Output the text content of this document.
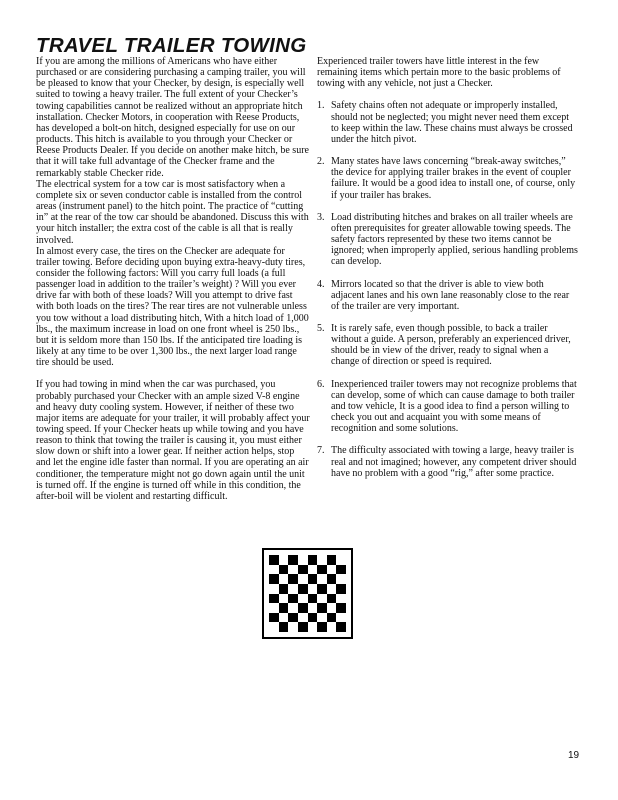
TRAVEL TRAILER TOWING

If you are among the millions of Americans who have either purchased or are considering purchasing a camping trailer, you will be pleased to know that your Checker, by design, is especially well suited to towing a heavy trailer. The full extent of your Checker’s towing capabilities cannot be realized without an appropriate hitch installation. Checker Motors, in cooperation with Reese Products, has developed a bolt-on hitch, designed especially for use on our products. This hitch is available to you through your Checker or Reese Products Dealer. If you decide on another make hitch, be sure that it will take full advantage of the Checker frame and the remarkably stable Checker ride.

The electrical system for a tow car is most satisfactory when a complete six or seven conductor cable is installed from the control areas (instrument panel) to the hitch point. The practice of “cutting in” at the rear of the tow car should be abandoned. Discuss this with your hitch installer; the extra cost of the cable is all that is really involved.

In almost every case, the tires on the Checker are adequate for trailer towing. Before deciding upon buying extra-heavy-duty tires, consider the following factors: Will you carry full loads (a full passenger load in addition to the trailer’s weight) ? Will you ever drive far with both of these loads? Will you attempt to drive fast with both loads on the tires? The rear tires are not vulnerable unless you tow without a load distributing hitch, With a hitch load of 1,000 lbs., the maximum increase in load on one front wheel is 250 lbs., but it is seldom more than 150 lbs. If the anticipated tire loading is likely at any time to be over 1,300 lbs., the next larger load range tire should be used.

If you had towing in mind when the car was purchased, you probably purchased your Checker with an ample sized V-8 engine and heavy duty cooling system. However, if neither of these two major items are adequate for your trailer, it will probably affect your towing speed. If your Checker heats up while towing and you have reason to think that towing the trailer is causing it, you must either slow down or shift into a lower gear. If neither action helps, stop and let the engine idle faster than normal. If you are operating an air conditioner, the temperature might not go down again until the unit is turned off. If the engine is turned off while in this condition, the after-boil will be violent and restarting difficult.

Experienced trailer towers have little interest in the few remaining items which pertain more to the basic problems of towing with any vehicle, not just a Checker.

1. Safety chains often not adequate or improperly installed, should not be neglected; you might never need them except to keep within the law. These chains must always be crossed under the hitch pivot.
2. Many states have laws concerning “break-away switches,” the device for applying trailer brakes in the event of coupler failure. It would be a good idea to install one, of course, only if your trailer has brakes.
3. Load distributing hitches and brakes on all trailer wheels are often prerequisites for greater allowable towing speeds. The safety factors represented by these two items cannot be ignored; when improperly applied, serious handling problems can develop.
4. Mirrors located so that the driver is able to view both adjacent lanes and his own lane reasonably close to the rear of the trailer are very important.
5. It is rarely safe, even though possible, to back a trailer without a guide. A person, preferably an experienced driver, should be in view of the driver, ready to signal when a change of direction or speed is required.
6. Inexperienced trailer towers may not recognize problems that can develop, some of which can cause damage to both trailer and tow vehicle, It is a good idea to find a person willing to check you out and acquaint you with some means of recognition and some solutions.
7. The difficulty associated with towing a large, heavy trailer is real and not imagined; however, any competent driver should have no problem with a good “rig,” after some practice.

19
